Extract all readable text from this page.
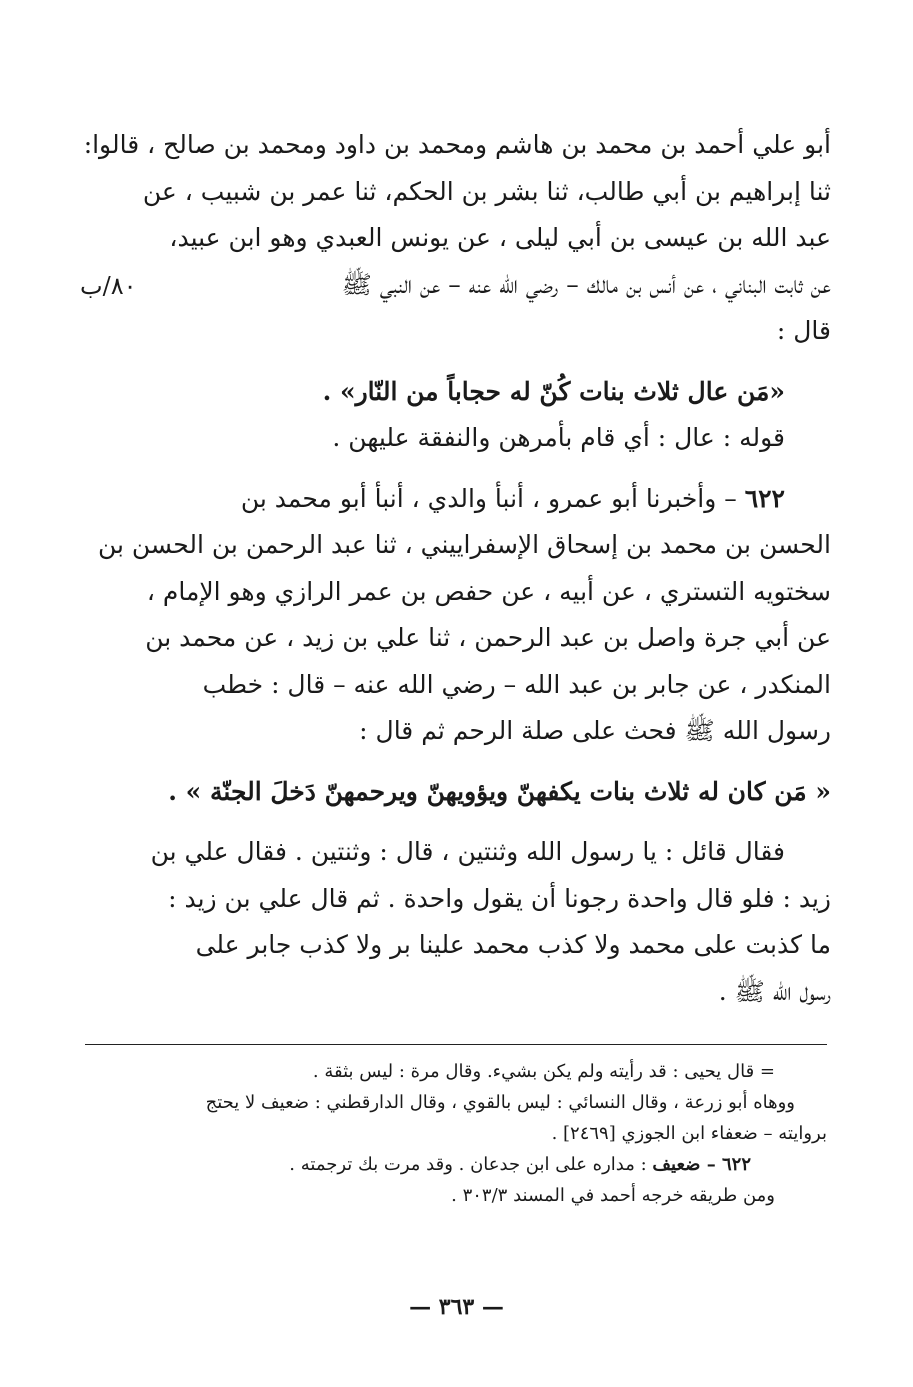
أبو علي أحمد بن محمد بن هاشم ومحمد بن داود ومحمد بن صالح ، قالوا:
ثنا إبراهيم بن أبي طالب، ثنا بشر بن الحكم، ثنا عمر بن شبيب ، عن
عبد الله بن عيسى بن أبي ليلى ، عن يونس العبدي وهو ابن عبيد،
عن ثابت البناني ، عن أنس بن مالك – رضي الله عنه – عن النبي ﷺ
قال :
«مَن عال ثلاث بنات كُنّ له حجاباً من النّار» .
قوله : عال : أي قام بأمرهن والنفقة عليهن .
٦٢٢ – وأخبرنا أبو عمرو ، أنبأ والدي ، أنبأ أبو محمد بن
الحسن بن محمد بن إسحاق الإسفراييني ، ثنا عبد الرحمن بن الحسن بن
سختويه التستري ، عن أبيه ، عن حفص بن عمر الرازي وهو الإمام ،
عن أبي جرة واصل بن عبد الرحمن ، ثنا علي بن زيد ، عن محمد بن
المنكدر ، عن جابر بن عبد الله – رضي الله عنه – قال : خطب
رسول الله ﷺ فحث على صلة الرحم ثم قال :
« مَن كان له ثلاث بنات يكفهنّ ويؤويهنّ ويرحمهنّ دَخلَ الجنّة » .
فقال قائل : يا رسول الله وثنتين ، قال : وثنتين . فقال علي بن
زيد : فلو قال واحدة رجونا أن يقول واحدة . ثم قال علي بن زيد :
ما كذبت على محمد ولا كذب محمد علينا بر ولا كذب جابر على
رسول الله ﷺ .
٨٠/ب
= قال يحيى : قد رأيته ولم يكن بشيء. وقال مرة : ليس بثقة .
ووهاه أبو زرعة ، وقال النسائي : ليس بالقوي ، وقال الدارقطني : ضعيف لا يحتج
بروايته – ضعفاء ابن الجوزي [٢٤٦٩] .
٦٢٢ – ضعيف : مداره على ابن جدعان . وقد مرت بك ترجمته .
ومن طريقه خرجه أحمد في المسند ٣٠٣/٣ .
— ٣٦٣ —
